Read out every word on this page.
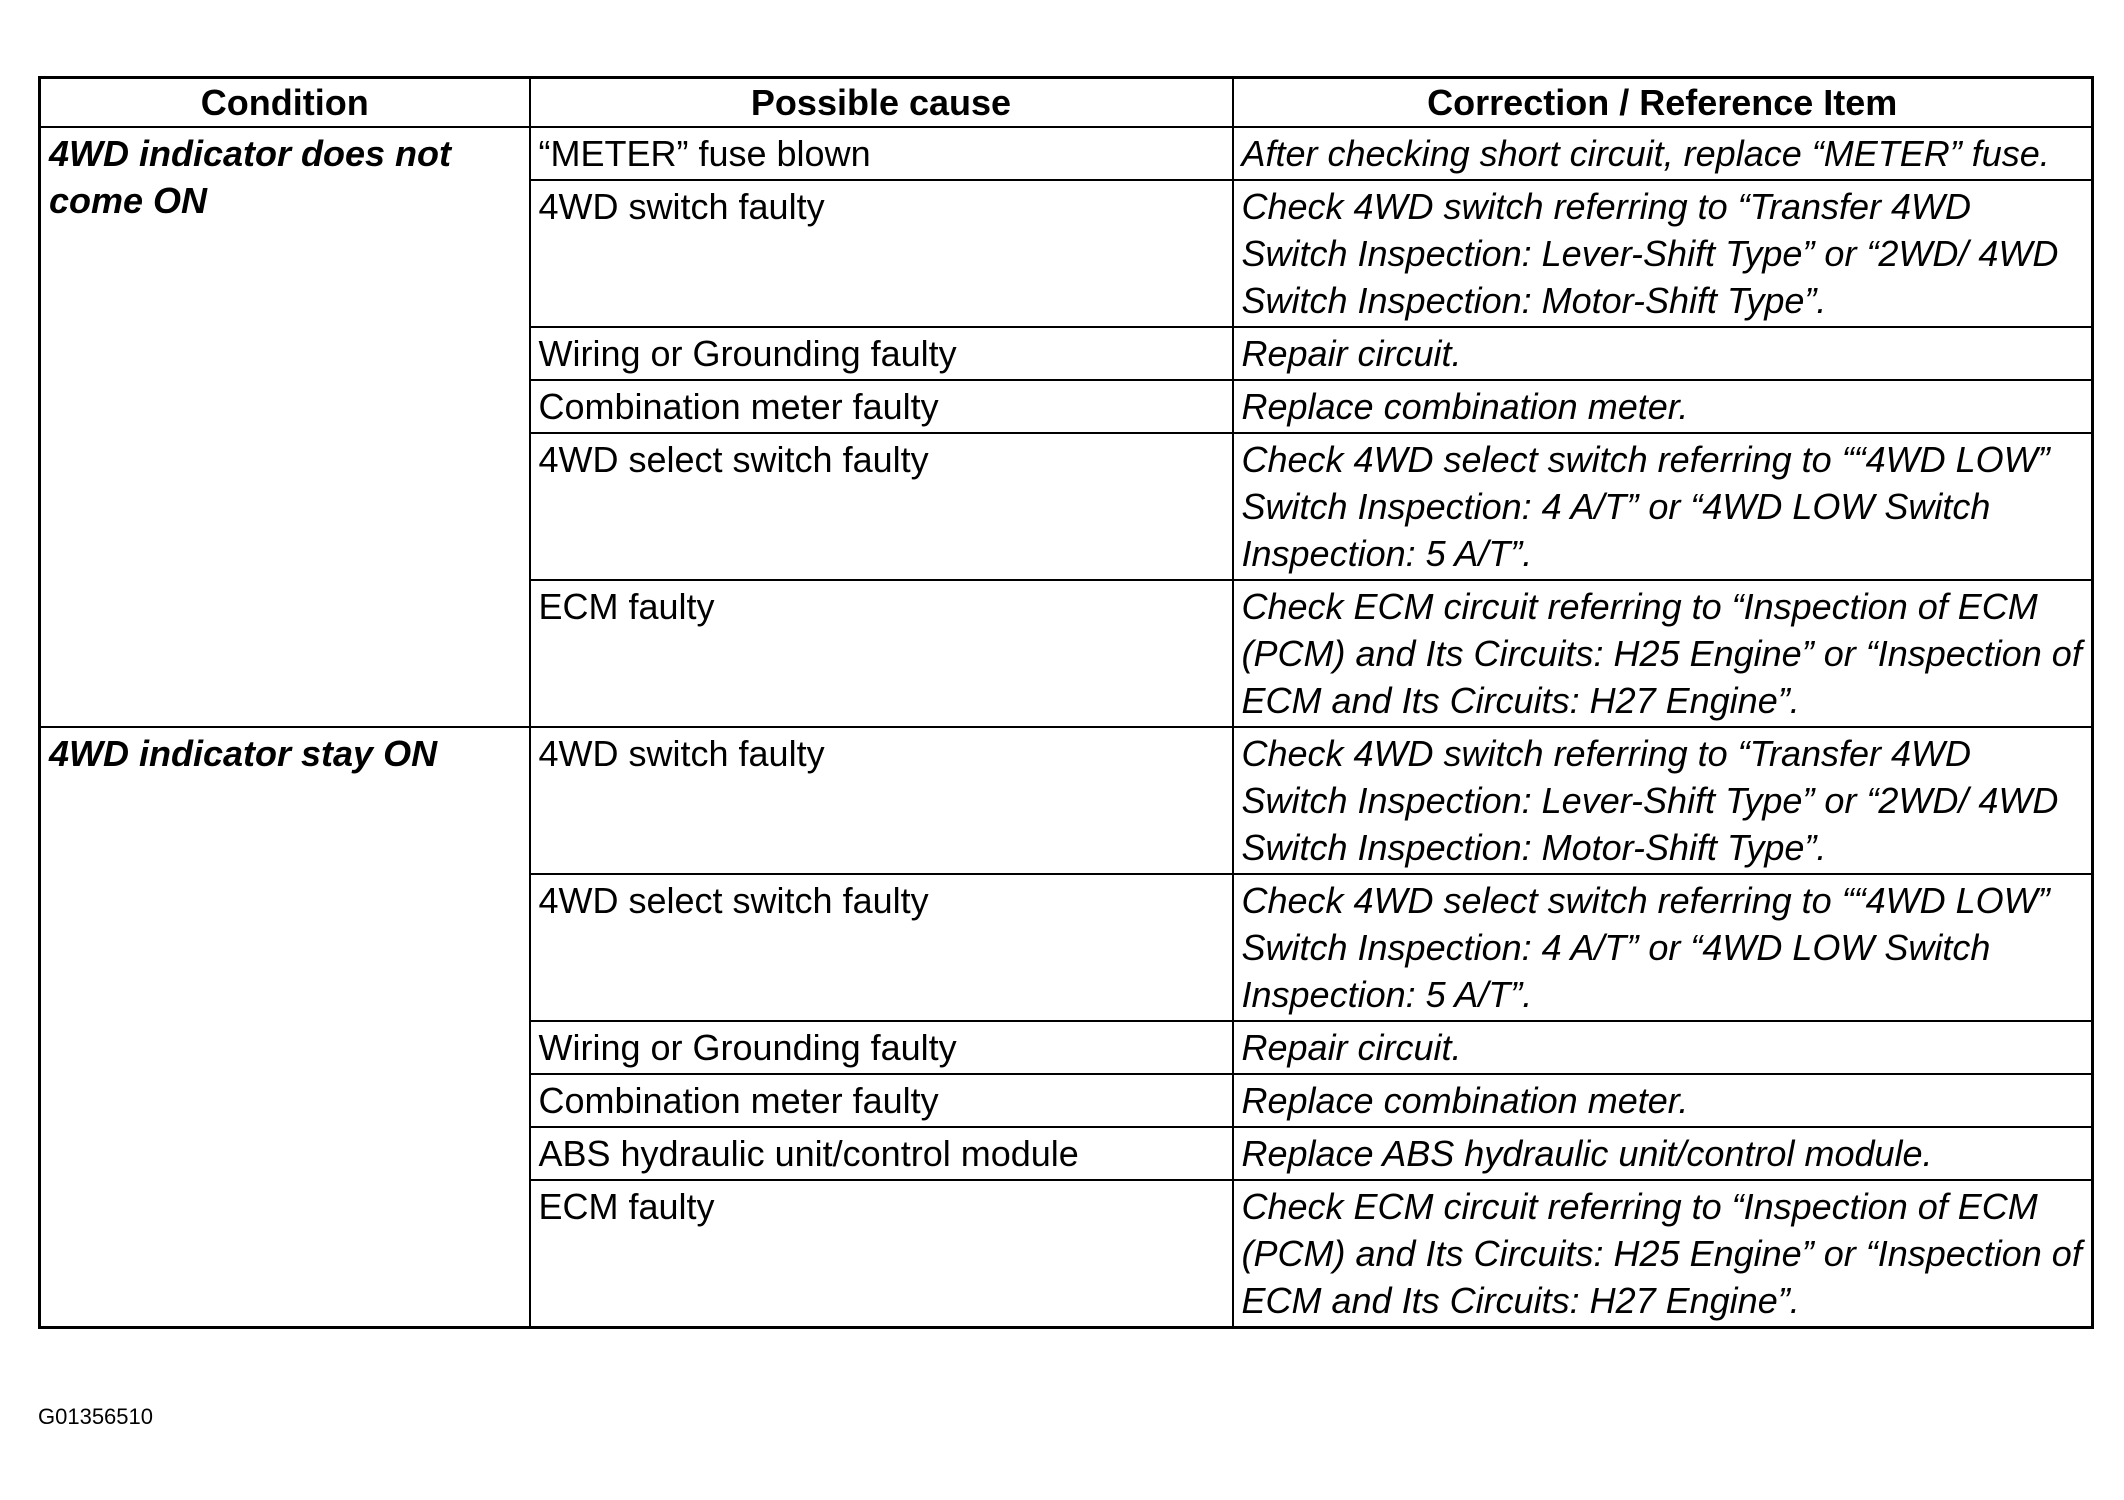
Condition	Possible cause	Correction / Reference Item
4WD indicator does not come ON	“METER” fuse blown	After checking short circuit, replace “METER” fuse.
	4WD switch faulty	Check 4WD switch referring to “Transfer 4WD Switch Inspection: Lever-Shift Type” or “2WD/ 4WD Switch Inspection: Motor-Shift Type”.
	Wiring or Grounding faulty	Repair circuit.
	Combination meter faulty	Replace combination meter.
	4WD select switch faulty	Check 4WD select switch referring to ““4WD LOW” Switch Inspection: 4 A/T” or “4WD LOW Switch Inspection: 5 A/T”.
	ECM faulty	Check ECM circuit referring to “Inspection of ECM (PCM) and Its Circuits: H25 Engine” or “Inspection of ECM and Its Circuits: H27 Engine”.
4WD indicator stay ON	4WD switch faulty	Check 4WD switch referring to “Transfer 4WD Switch Inspection: Lever-Shift Type” or “2WD/ 4WD Switch Inspection: Motor-Shift Type”.
	4WD select switch faulty	Check 4WD select switch referring to ““4WD LOW” Switch Inspection: 4 A/T” or “4WD LOW Switch Inspection: 5 A/T”.
	Wiring or Grounding faulty	Repair circuit.
	Combination meter faulty	Replace combination meter.
	ABS hydraulic unit/control module	Replace ABS hydraulic unit/control module.
	ECM faulty	Check ECM circuit referring to “Inspection of ECM (PCM) and Its Circuits: H25 Engine” or “Inspection of ECM and Its Circuits: H27 Engine”.
G01356510
